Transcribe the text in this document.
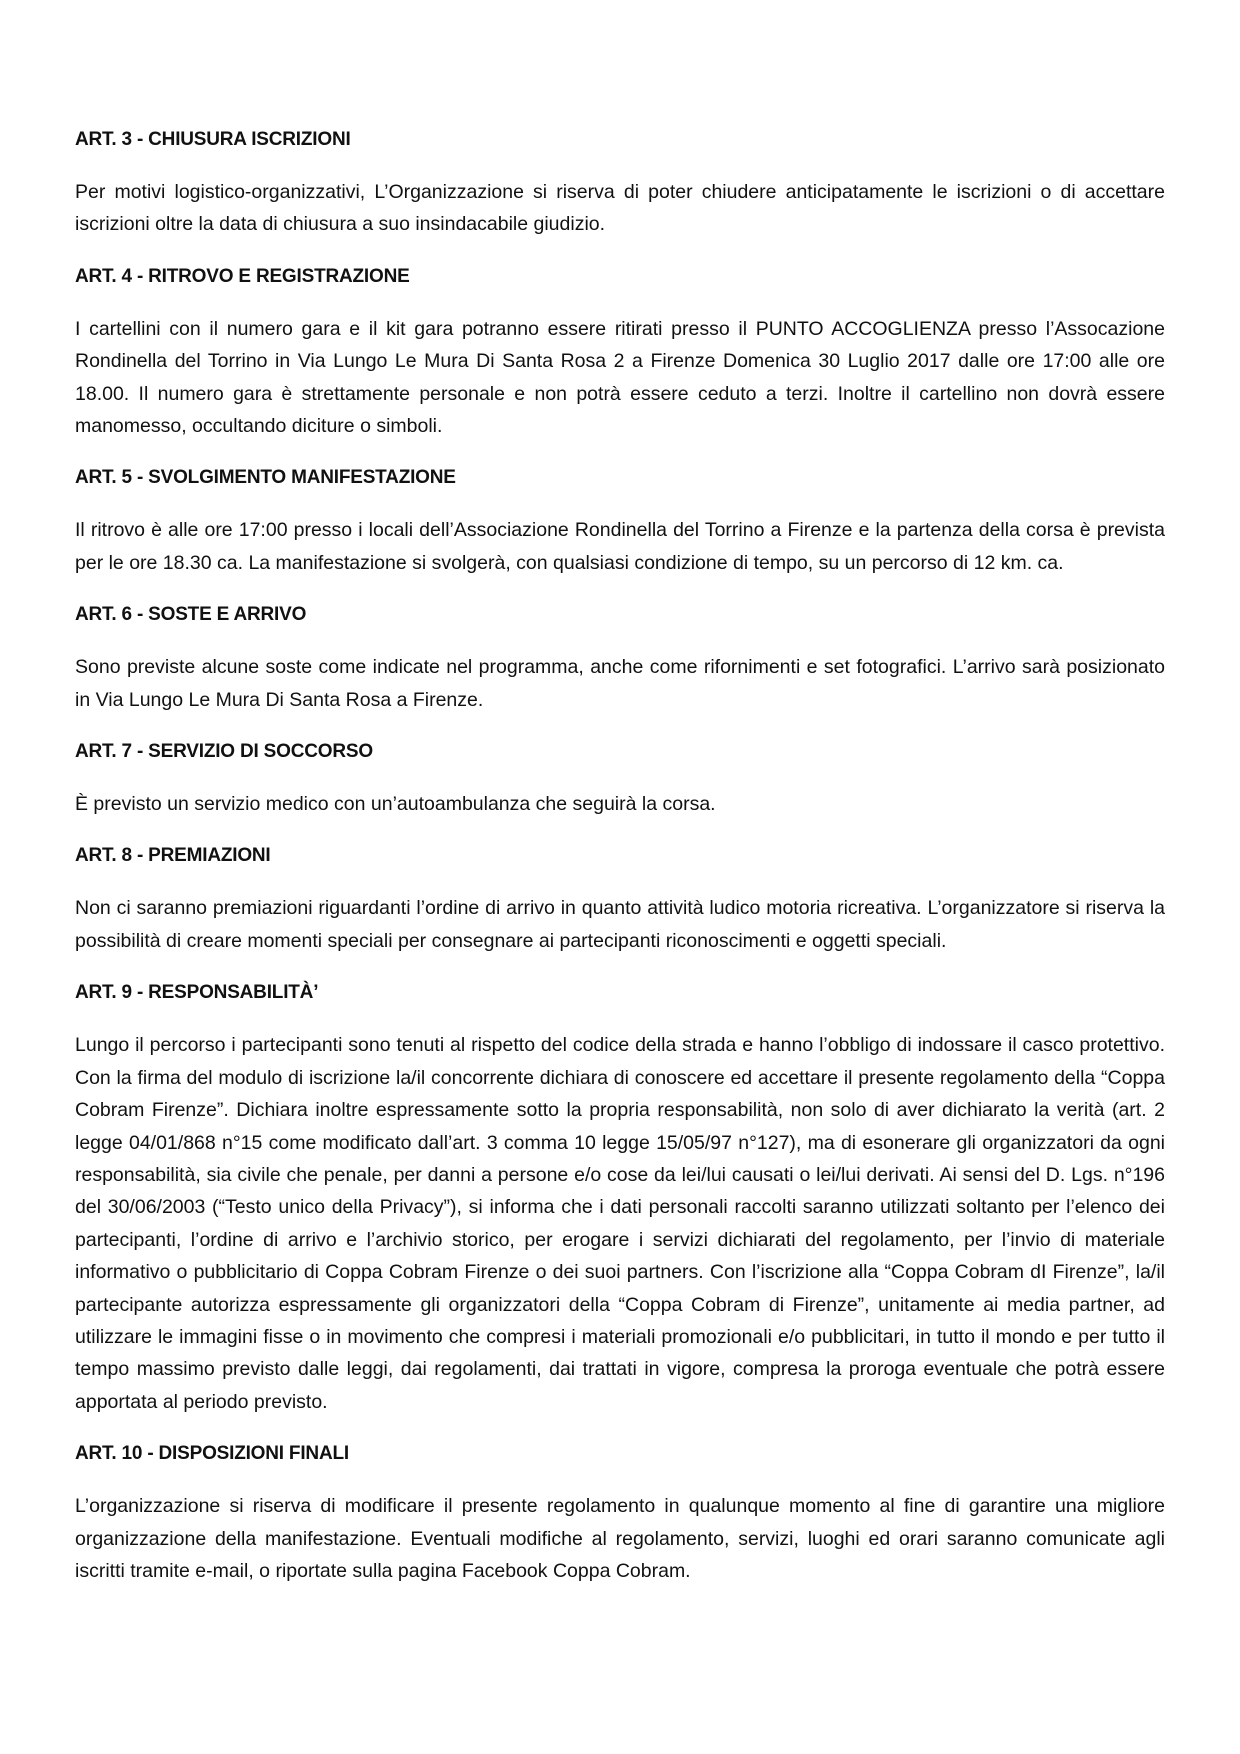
ART. 3 - CHIUSURA ISCRIZIONI
Per motivi logistico-organizzativi, L’Organizzazione si riserva di poter chiudere anticipatamente le iscrizioni o di accettare iscrizioni oltre la data di chiusura a suo insindacabile giudizio.
ART. 4 - RITROVO E REGISTRAZIONE
I cartellini con il numero gara e il kit gara potranno essere ritirati presso il PUNTO ACCOGLIENZA presso l’Assocazione Rondinella del Torrino in Via Lungo Le Mura Di Santa Rosa 2 a Firenze Domenica 30 Luglio 2017 dalle ore 17:00 alle ore 18.00. Il numero gara è strettamente personale e non potrà essere ceduto a terzi. Inoltre il cartellino non dovrà essere manomesso, occultando diciture o simboli.
ART. 5 - SVOLGIMENTO MANIFESTAZIONE
Il ritrovo è alle ore 17:00 presso i locali dell’Associazione Rondinella del Torrino a Firenze e la partenza della corsa è prevista per le ore 18.30 ca. La manifestazione si svolgerà, con qualsiasi condizione di tempo, su un percorso di 12 km. ca.
ART. 6 - SOSTE E ARRIVO
Sono previste alcune soste come indicate nel programma, anche come rifornimenti e set fotografici. L’arrivo sarà posizionato in Via Lungo Le Mura Di Santa Rosa a Firenze.
ART. 7 - SERVIZIO DI SOCCORSO
È previsto un servizio medico con un’autoambulanza che seguirà la corsa.
ART. 8 - PREMIAZIONI
Non ci saranno premiazioni riguardanti l’ordine di arrivo in quanto attività ludico motoria ricreativa. L’organizzatore si riserva la possibilità di creare momenti speciali per consegnare ai partecipanti riconoscimenti e oggetti speciali.
ART. 9 - RESPONSABILITÀ’
Lungo il percorso i partecipanti sono tenuti al rispetto del codice della strada e hanno l’obbligo di indossare il casco protettivo. Con la firma del modulo di iscrizione la/il concorrente dichiara di conoscere ed accettare il presente regolamento della “Coppa Cobram Firenze”. Dichiara inoltre espressamente sotto la propria responsabilità, non solo di aver dichiarato la verità (art. 2 legge 04/01/868 n°15 come modificato dall’art. 3 comma 10 legge 15/05/97 n°127), ma di esonerare gli organizzatori da ogni responsabilità, sia civile che penale, per danni a persone e/o cose da lei/lui causati o lei/lui derivati. Ai sensi del D. Lgs. n°196 del 30/06/2003 (“Testo unico della Privacy”), si informa che i dati personali raccolti saranno utilizzati soltanto per l’elenco dei partecipanti, l’ordine di arrivo e l’archivio storico, per erogare i servizi dichiarati del regolamento, per l’invio di materiale informativo o pubblicitario di Coppa Cobram Firenze o dei suoi partners. Con l’iscrizione alla “Coppa Cobram dI Firenze”, la/il partecipante autorizza espressamente gli organizzatori della “Coppa Cobram di Firenze”, unitamente ai media partner, ad utilizzare le immagini fisse o in movimento che compresi i materiali promozionali e/o pubblicitari, in tutto il mondo e per tutto il tempo massimo previsto dalle leggi, dai regolamenti, dai trattati in vigore, compresa la proroga eventuale che potrà essere apportata al periodo previsto.
ART. 10 - DISPOSIZIONI FINALI
L’organizzazione si riserva di modificare il presente regolamento in qualunque momento al fine di garantire una migliore organizzazione della manifestazione. Eventuali modifiche al regolamento, servizi, luoghi ed orari saranno comunicate agli iscritti tramite e-mail, o riportate sulla pagina Facebook Coppa Cobram.
